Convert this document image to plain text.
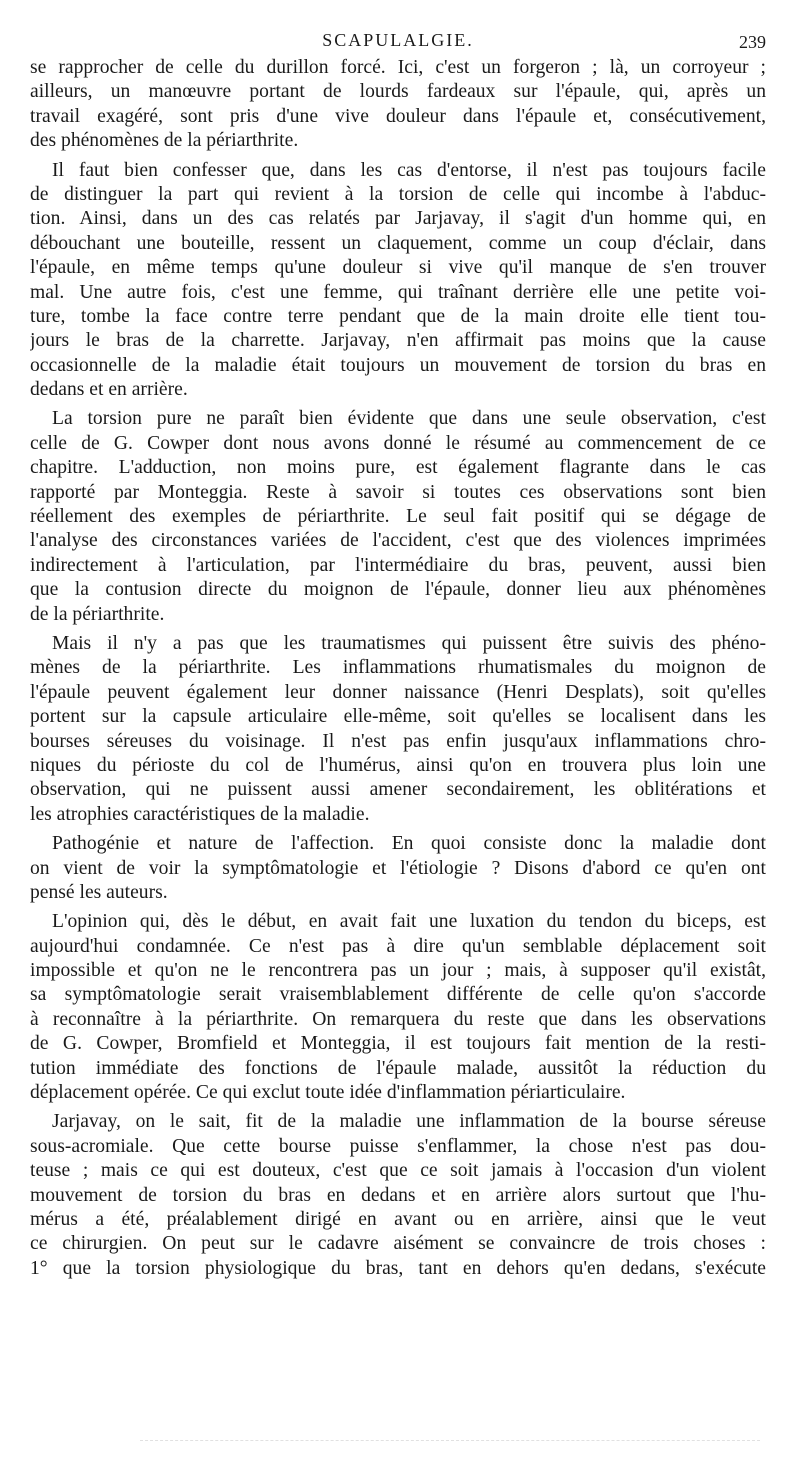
SCAPULALGIE.	239
se rapprocher de celle du durillon forcé. Ici, c'est un forgeron ; là, un corroyeur ;
ailleurs, un manœuvre portant de lourds fardeaux sur l'épaule, qui, après un
travail exagéré, sont pris d'une vive douleur dans l'épaule et, consécutivement,
des phénomènes de la périarthrite.
Il faut bien confesser que, dans les cas d'entorse, il n'est pas toujours facile
de distinguer la part qui revient à la torsion de celle qui incombe à l'abduc-
tion. Ainsi, dans un des cas relatés par Jarjavay, il s'agit d'un homme qui, en
débouchant une bouteille, ressent un claquement, comme un coup d'éclair, dans
l'épaule, en même temps qu'une douleur si vive qu'il manque de s'en trouver
mal. Une autre fois, c'est une femme, qui traînant derrière elle une petite voi-
ture, tombe la face contre terre pendant que de la main droite elle tient tou-
jours le bras de la charrette. Jarjavay, n'en affirmait pas moins que la cause
occasionnelle de la maladie était toujours un mouvement de torsion du bras en
dedans et en arrière.
La torsion pure ne paraît bien évidente que dans une seule observation, c'est
celle de G. Cowper dont nous avons donné le résumé au commencement de ce
chapitre. L'adduction, non moins pure, est également flagrante dans le cas
rapporté par Monteggia. Reste à savoir si toutes ces observations sont bien
réellement des exemples de périarthrite. Le seul fait positif qui se dégage de
l'analyse des circonstances variées de l'accident, c'est que des violences imprimées
indirectement à l'articulation, par l'intermédiaire du bras, peuvent, aussi bien
que la contusion directe du moignon de l'épaule, donner lieu aux phénomènes
de la périarthrite.
Mais il n'y a pas que les traumatismes qui puissent être suivis des phéno-
mènes de la périarthrite. Les inflammations rhumatismales du moignon de
l'épaule peuvent également leur donner naissance (Henri Desplats), soit qu'elles
portent sur la capsule articulaire elle-même, soit qu'elles se localisent dans les
bourses séreuses du voisinage. Il n'est pas enfin jusqu'aux inflammations chro-
niques du périoste du col de l'humérus, ainsi qu'on en trouvera plus loin une
observation, qui ne puissent aussi amener secondairement, les oblitérations et
les atrophies caractéristiques de la maladie.
Pathogénie et nature de l'affection. En quoi consiste donc la maladie dont
on vient de voir la symptômatologie et l'étiologie ? Disons d'abord ce qu'en ont
pensé les auteurs.
L'opinion qui, dès le début, en avait fait une luxation du tendon du biceps, est
aujourd'hui condamnée. Ce n'est pas à dire qu'un semblable déplacement soit
impossible et qu'on ne le rencontrera pas un jour ; mais, à supposer qu'il existât,
sa symptômatologie serait vraisemblablement différente de celle qu'on s'accorde
à reconnaître à la périarthrite. On remarquera du reste que dans les observations
de G. Cowper, Bromfield et Monteggia, il est toujours fait mention de la resti-
tution immédiate des fonctions de l'épaule malade, aussitôt la réduction du
déplacement opérée. Ce qui exclut toute idée d'inflammation périarticulaire.
Jarjavay, on le sait, fit de la maladie une inflammation de la bourse séreuse
sous-acromiale. Que cette bourse puisse s'enflammer, la chose n'est pas dou-
teuse ; mais ce qui est douteux, c'est que ce soit jamais à l'occasion d'un violent
mouvement de torsion du bras en dedans et en arrière alors surtout que l'hu-
mérus a été, préalablement dirigé en avant ou en arrière, ainsi que le veut
ce chirurgien. On peut sur le cadavre aisément se convaincre de trois choses :
1° que la torsion physiologique du bras, tant en dehors qu'en dedans, s'exécute
